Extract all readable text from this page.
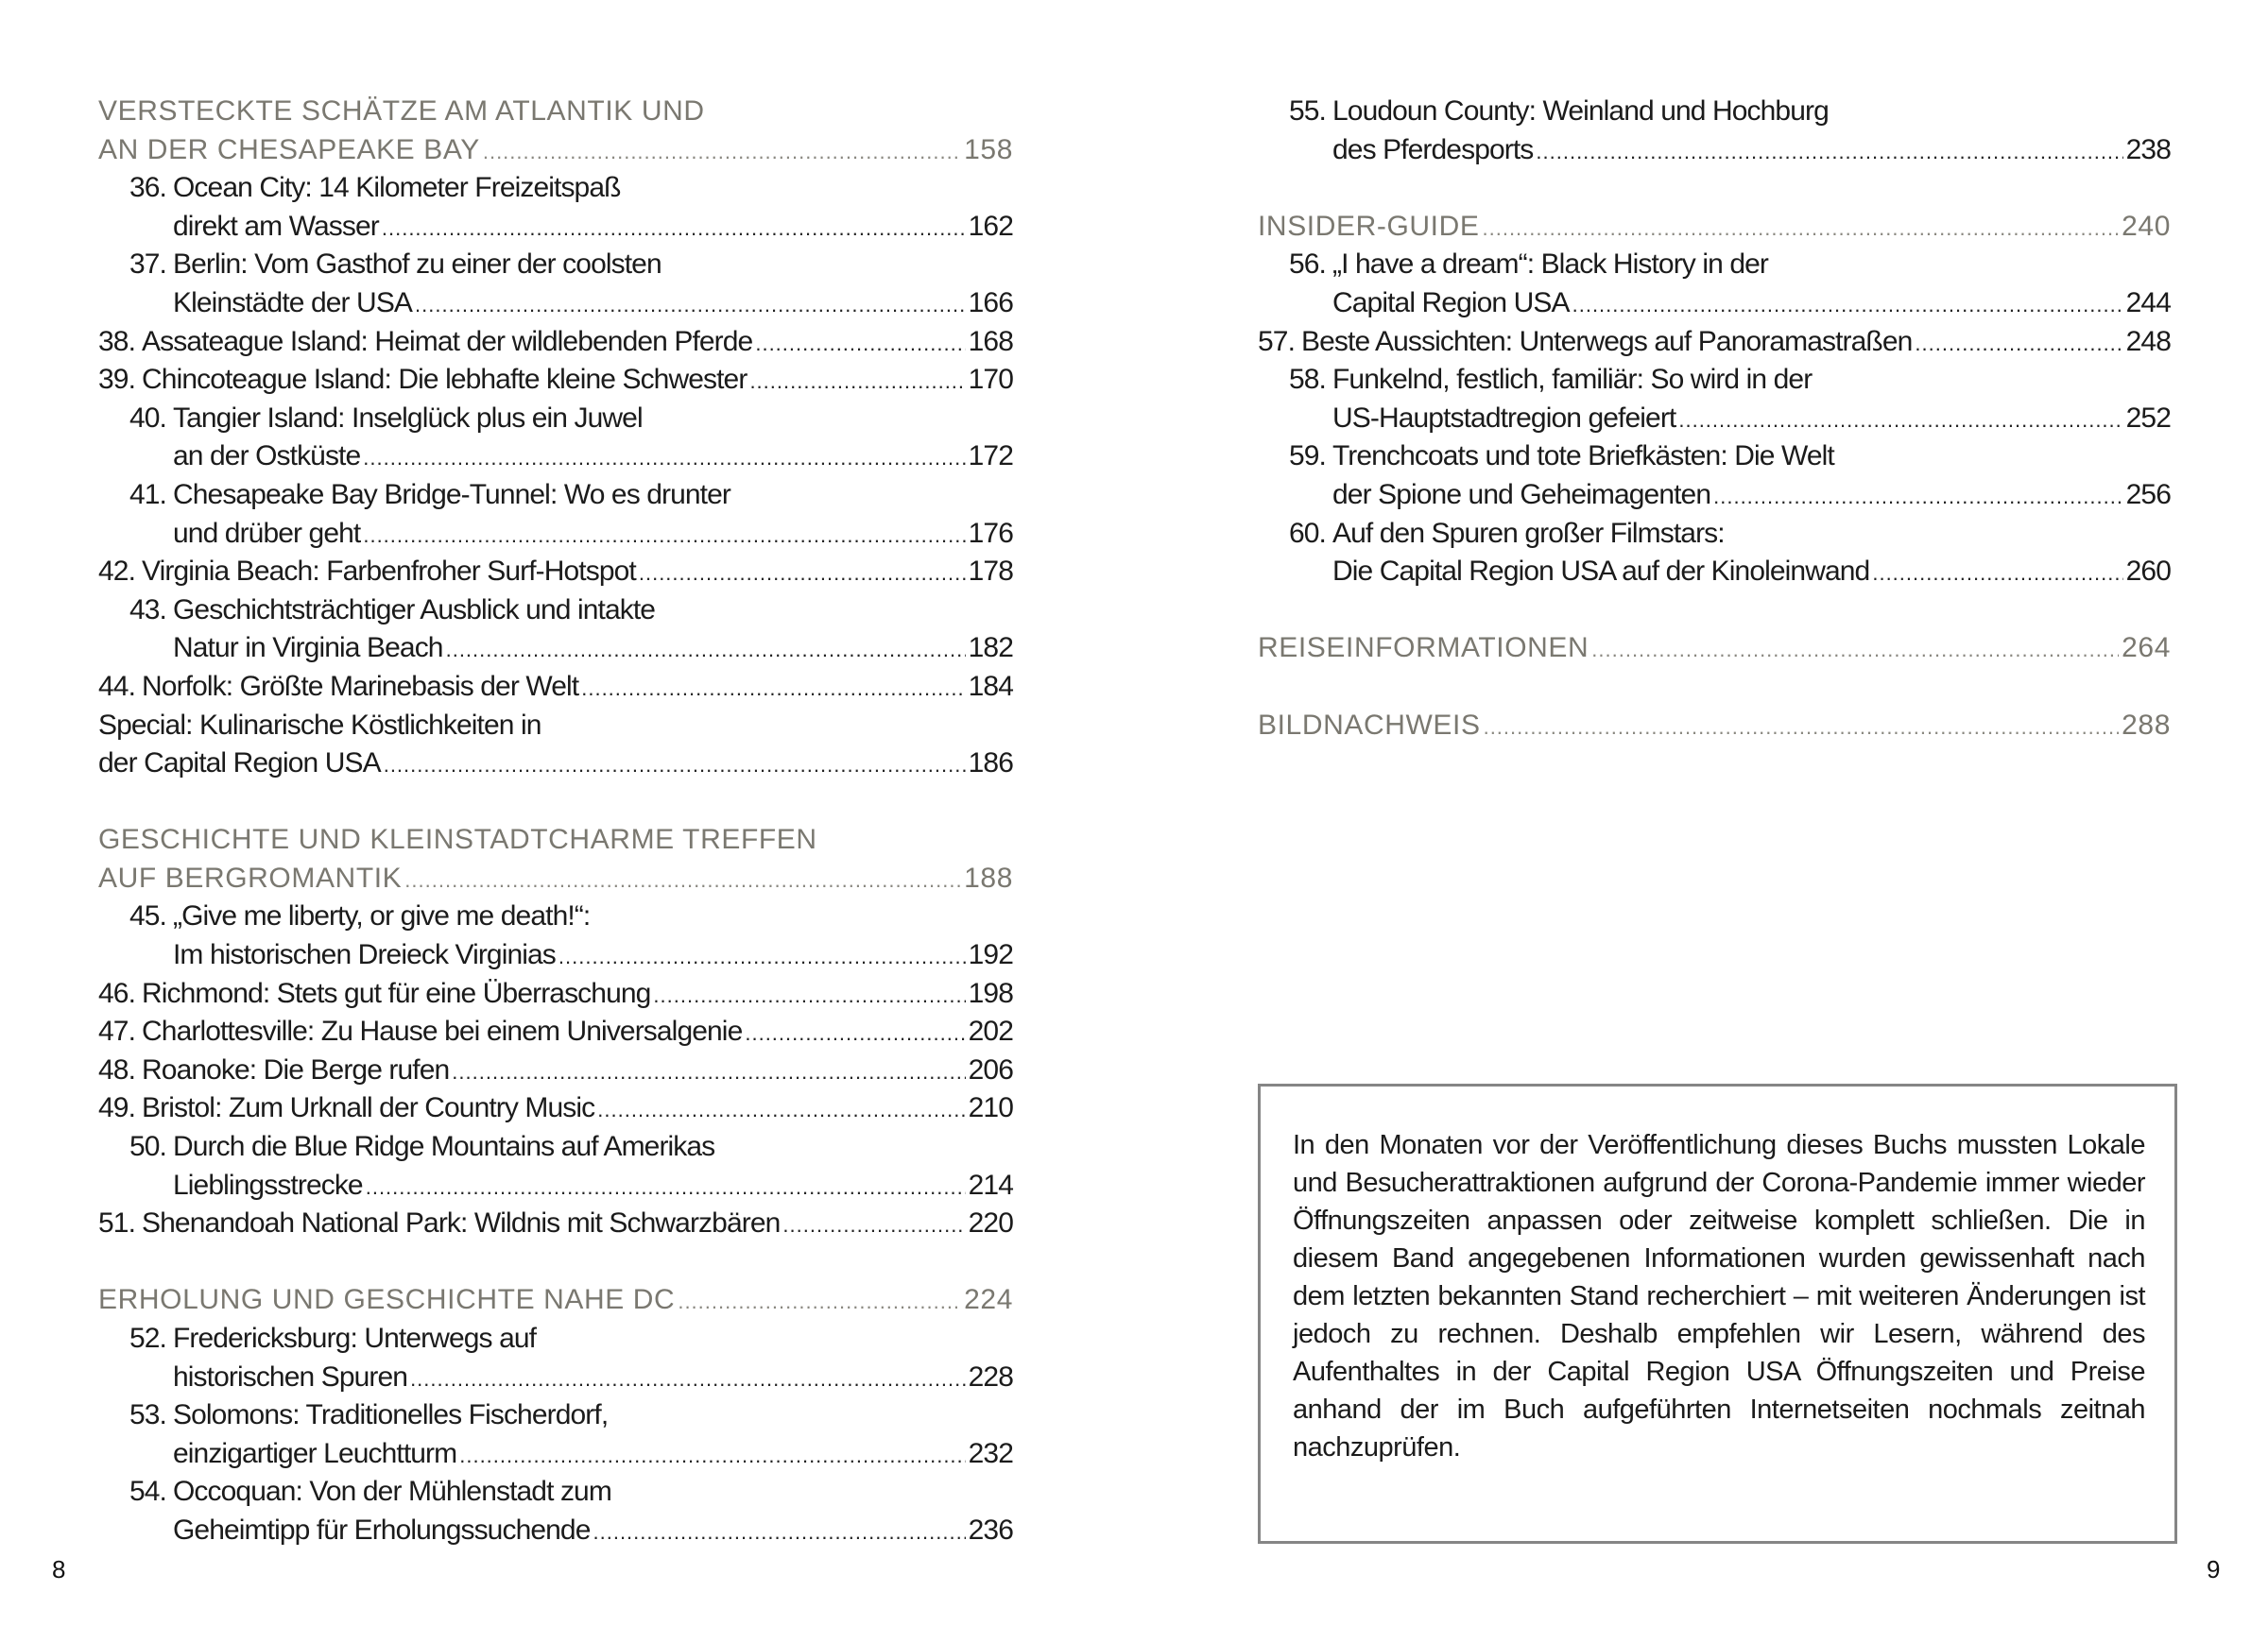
VERSTECKTE SCHÄTZE AM ATLANTIK UND
AN DER CHESAPEAKE BAY .....	158
36. Ocean City: 14 Kilometer Freizeitspaß
direkt am Wasser .....	162
37. Berlin: Vom Gasthof zu einer der coolsten
Kleinstädte der USA .....	166
38. Assateague Island: Heimat der wildlebenden Pferde .....	168
39. Chincoteague Island: Die lebhafte kleine Schwester .....	170
40. Tangier Island: Inselglück plus ein Juwel
an der Ostküste .....	172
41. Chesapeake Bay Bridge-Tunnel: Wo es drunter
und drüber geht .....	176
42. Virginia Beach: Farbenfroher Surf-Hotspot .....	178
43. Geschichtsträchtiger Ausblick und intakte
Natur in Virginia Beach .....	182
44. Norfolk: Größte Marinebasis der Welt .....	184
Special: Kulinarische Köstlichkeiten in
der Capital Region USA .....	186
GESCHICHTE UND KLEINSTADTCHARME TREFFEN
AUF BERGROMANTIK .....	188
45. „Give me liberty, or give me death!“:
Im historischen Dreieck Virginias .....	192
46. Richmond: Stets gut für eine Überraschung .....	198
47. Charlottesville: Zu Hause bei einem Universalgenie .....	202
48. Roanoke: Die Berge rufen .....	206
49. Bristol: Zum Urknall der Country Music .....	210
50. Durch die Blue Ridge Mountains auf Amerikas
Lieblingsstrecke .....	214
51. Shenandoah National Park: Wildnis mit Schwarzbären .....	220
ERHOLUNG UND GESCHICHTE NAHE DC .....	224
52. Fredericksburg: Unterwegs auf
historischen Spuren .....	228
53. Solomons: Traditionelles Fischerdorf,
einzigartiger Leuchtturm .....	232
54. Occoquan: Von der Mühlenstadt zum
Geheimtipp für Erholungssuchende .....	236
55. Loudoun County: Weinland und Hochburg
des Pferdesports .....	238
INSIDER-GUIDE .....	240
56. „I have a dream“: Black History in der
Capital Region USA .....	244
57. Beste Aussichten: Unterwegs auf Panoramastraßen .....	248
58. Funkelnd, festlich, familiär: So wird in der
US-Hauptstadtregion gefeiert .....	252
59. Trenchcoats und tote Briefkästen: Die Welt
der Spione und Geheimagenten .....	256
60. Auf den Spuren großer Filmstars:
Die Capital Region USA auf der Kinoleinwand .....	260
REISEINFORMATIONEN .....	264
BILDNACHWEIS .....	288
In den Monaten vor der Veröffentlichung dieses Buchs mussten Lokale und Besucherattraktionen aufgrund der Corona-Pandemie immer wieder Öffnungszeiten anpassen oder zeitweise komplett schließen. Die in diesem Band angegebenen Informationen wurden gewissenhaft nach dem letzten bekannten Stand recherchiert – mit weiteren Änderungen ist jedoch zu rechnen. Deshalb empfehlen wir Lesern, während des Aufenthaltes in der Capital Region USA Öffnungszeiten und Preise anhand der im Buch aufgeführten Internetseiten nochmals zeitnah nachzuprüfen.
8	9
